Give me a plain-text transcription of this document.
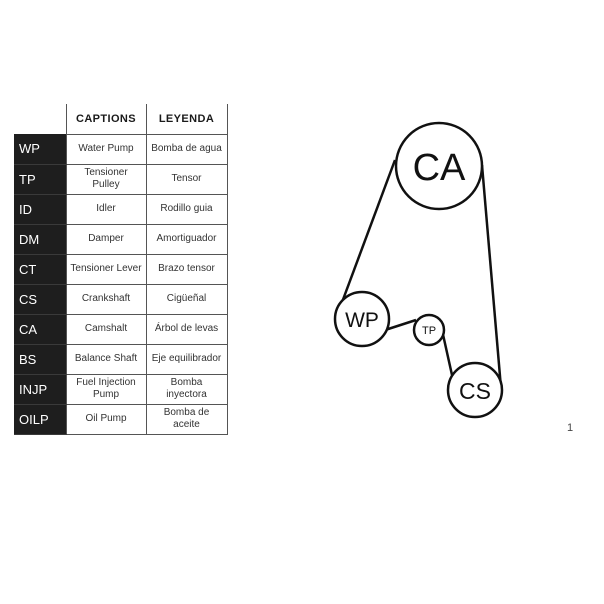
	CAPTIONS	LEYENDA
WP	Water Pump	Bomba de agua
TP	Tensioner Pulley	Tensor
ID	Idler	Rodillo guia
DM	Damper	Amortiguador
CT	Tensioner Lever	Brazo tensor
CS	Crankshaft	Cigüeñal
CA	Camshalt	Árbol de levas
BS	Balance Shaft	Eje equilibrador
INJP	Fuel Injection Pump	Bomba inyectora
OILP	Oil Pump	Bomba de aceite
CA
WP	TP
CS
1
